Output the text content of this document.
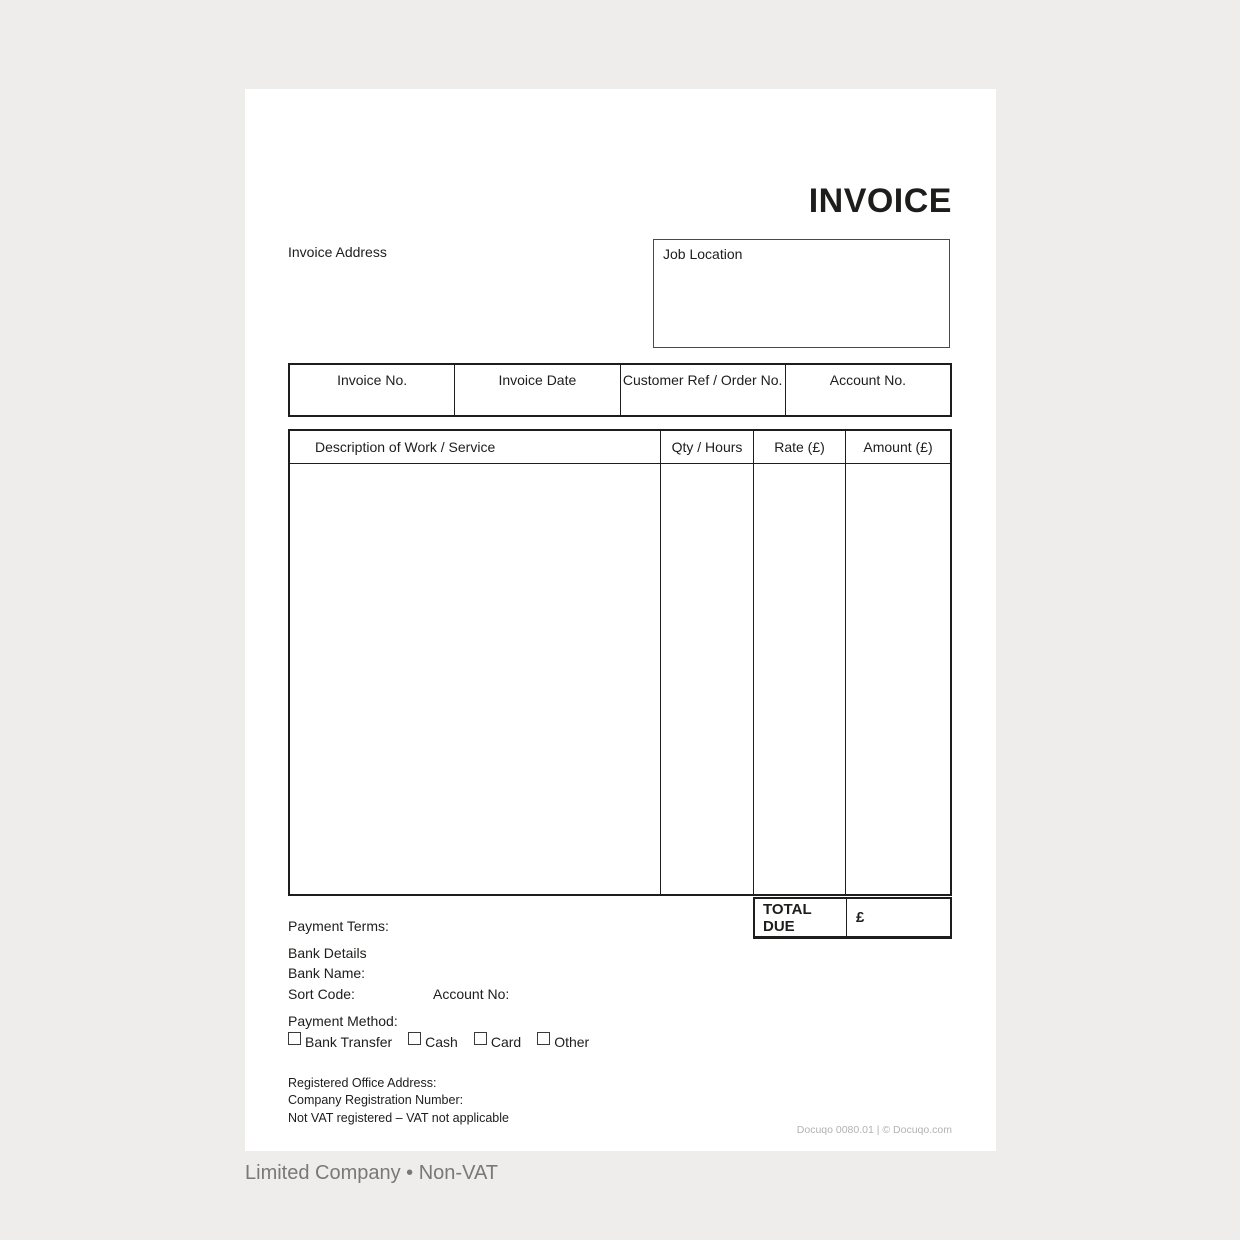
INVOICE
Invoice Address	Job Location
Invoice No.	Invoice Date	Customer Ref / Order No.	Account No.
Description of Work / Service	Qty / Hours	Rate (£)	Amount (£)
TOTAL DUE	£
Payment Terms:
Bank Details
Bank Name:
Sort Code:	Account No:
Payment Method:
Bank Transfer Cash Card Other
Registered Office Address:
Company Registration Number:
Not VAT registered – VAT not applicable
Docuqo 0080.01 | © Docuqo.com
Limited Company • Non-VAT
